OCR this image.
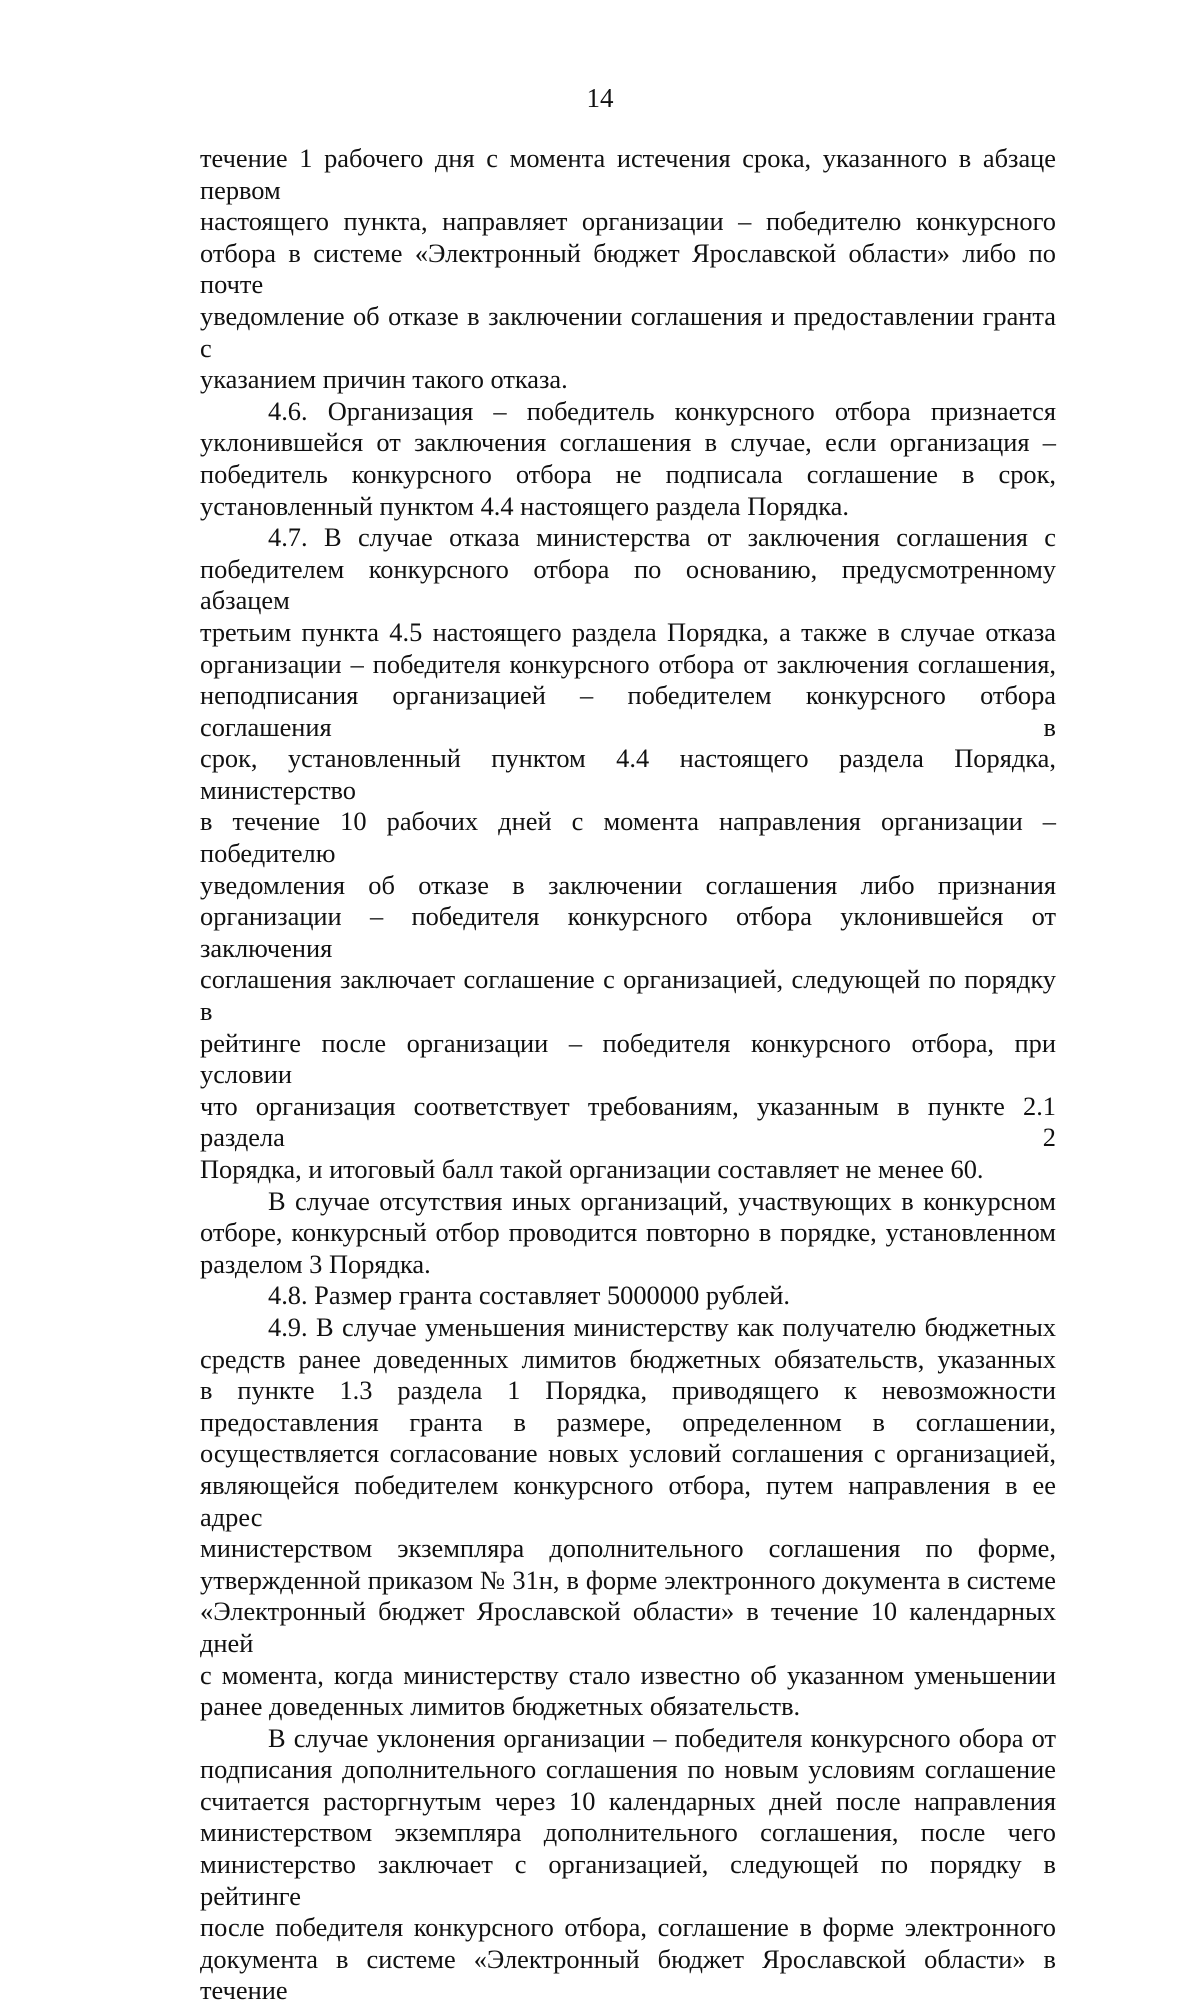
14

течение 1 рабочего дня с момента истечения срока, указанного в абзаце первом

настоящего пункта, направляет организации – победителю конкурсного

отбора в системе «Электронный бюджет Ярославской области» либо по почте

уведомление об отказе в заключении соглашения и предоставлении гранта с

указанием причин такого отказа.

4.6. Организация – победитель конкурсного отбора признается

уклонившейся от заключения соглашения в случае, если организация –

победитель конкурсного отбора не подписала соглашение в срок,

установленный пунктом 4.4 настоящего раздела Порядка.

4.7. В случае отказа министерства от заключения соглашения с

победителем конкурсного отбора по основанию, предусмотренному абзацем

третьим пункта 4.5 настоящего раздела Порядка, а также в случае отказа

организации – победителя конкурсного отбора от заключения соглашения,

неподписания организацией – победителем конкурсного отбора соглашения в

срок, установленный пунктом 4.4 настоящего раздела Порядка, министерство

в течение 10 рабочих дней с момента направления организации – победителю

уведомления об отказе в заключении соглашения либо признания

организации – победителя конкурсного отбора уклонившейся от заключения

соглашения заключает соглашение с организацией, следующей по порядку в

рейтинге после организации – победителя конкурсного отбора, при условии

что организация соответствует требованиям, указанным в пункте 2.1 раздела 2

Порядка, и итоговый балл такой организации составляет не менее 60.

В случае отсутствия иных организаций, участвующих в конкурсном

отборе, конкурсный отбор проводится повторно в порядке, установленном

разделом 3 Порядка.

4.8. Размер гранта составляет 5000000 рублей.

4.9. В случае уменьшения министерству как получателю бюджетных

средств ранее доведенных лимитов бюджетных обязательств, указанных

в пункте 1.3 раздела 1 Порядка, приводящего к невозможности

предоставления гранта в размере, определенном в соглашении,

осуществляется согласование новых условий соглашения с организацией,

являющейся победителем конкурсного отбора, путем направления в ее адрес

министерством экземпляра дополнительного соглашения по форме,

утвержденной приказом № 31н, в форме электронного документа в системе

«Электронный бюджет Ярославской области» в течение 10 календарных дней

с момента, когда министерству стало известно об указанном уменьшении

ранее доведенных лимитов бюджетных обязательств.

В случае уклонения организации – победителя конкурсного обора от

подписания дополнительного соглашения по новым условиям соглашение

считается расторгнутым через 10 календарных дней после направления

министерством экземпляра дополнительного соглашения, после чего

министерство заключает с организацией, следующей по порядку в рейтинге

после победителя конкурсного отбора, соглашение в форме электронного

документа в системе «Электронный бюджет Ярославской области» в течение
